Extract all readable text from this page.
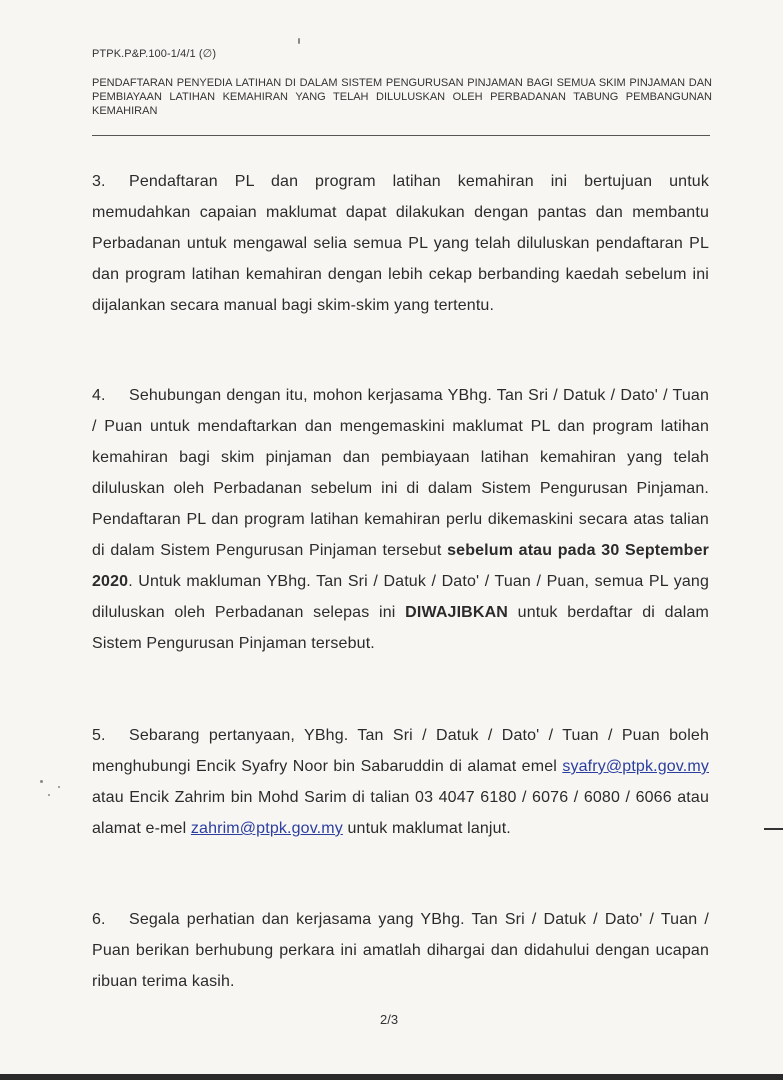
PTPK.P&P.100-1/4/1 (∅)
PENDAFTARAN PENYEDIA LATIHAN DI DALAM SISTEM PENGURUSAN PINJAMAN BAGI SEMUA SKIM PINJAMAN DAN PEMBIAYAAN LATIHAN KEMAHIRAN YANG TELAH DILULUSKAN OLEH PERBADANAN TABUNG PEMBANGUNAN KEMAHIRAN
3. Pendaftaran PL dan program latihan kemahiran ini bertujuan untuk memudahkan capaian maklumat dapat dilakukan dengan pantas dan membantu Perbadanan untuk mengawal selia semua PL yang telah diluluskan pendaftaran PL dan program latihan kemahiran dengan lebih cekap berbanding kaedah sebelum ini dijalankan secara manual bagi skim-skim yang tertentu.
4. Sehubungan dengan itu, mohon kerjasama YBhg. Tan Sri / Datuk / Dato' / Tuan / Puan untuk mendaftarkan dan mengemaskini maklumat PL dan program latihan kemahiran bagi skim pinjaman dan pembiayaan latihan kemahiran yang telah diluluskan oleh Perbadanan sebelum ini di dalam Sistem Pengurusan Pinjaman. Pendaftaran PL dan program latihan kemahiran perlu dikemaskini secara atas talian di dalam Sistem Pengurusan Pinjaman tersebut sebelum atau pada 30 September 2020. Untuk makluman YBhg. Tan Sri / Datuk / Dato' / Tuan / Puan, semua PL yang diluluskan oleh Perbadanan selepas ini DIWAJIBKAN untuk berdaftar di dalam Sistem Pengurusan Pinjaman tersebut.
5. Sebarang pertanyaan, YBhg. Tan Sri / Datuk / Dato' / Tuan / Puan boleh menghubungi Encik Syafry Noor bin Sabaruddin di alamat emel syafry@ptpk.gov.my atau Encik Zahrim bin Mohd Sarim di talian 03 4047 6180 / 6076 / 6080 / 6066 atau alamat e-mel zahrim@ptpk.gov.my untuk maklumat lanjut.
6. Segala perhatian dan kerjasama yang YBhg. Tan Sri / Datuk / Dato' / Tuan / Puan berikan berhubung perkara ini amatlah dihargai dan didahului dengan ucapan ribuan terima kasih.
2/3
